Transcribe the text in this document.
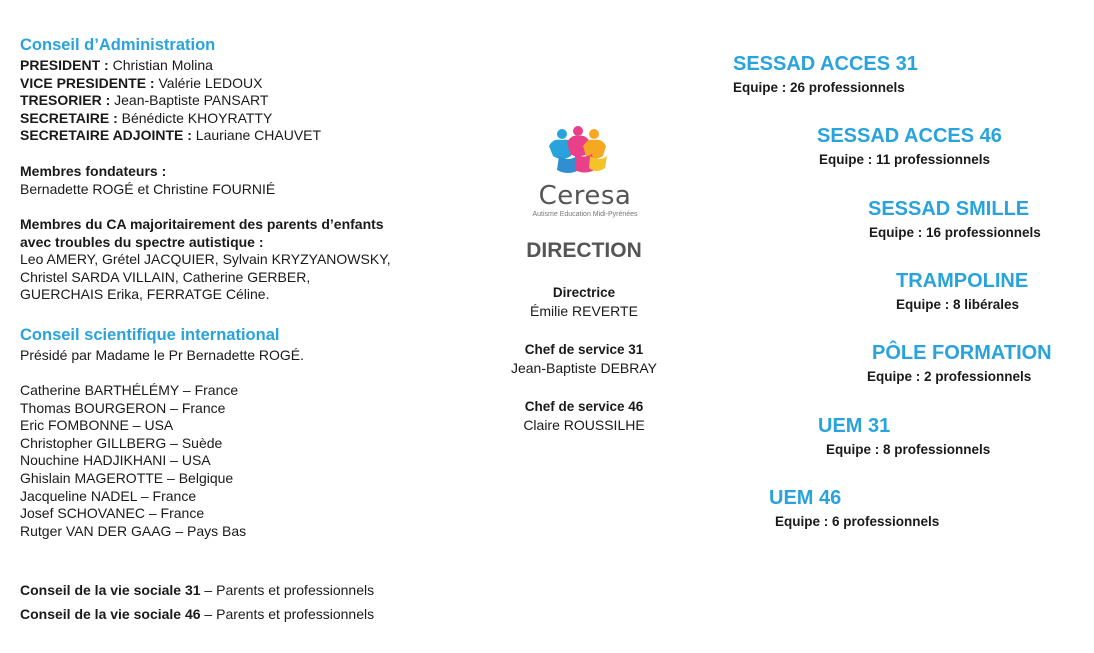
Conseil d’Administration
PRESIDENT : Christian Molina
VICE PRESIDENTE : Valérie LEDOUX
TRESORIER : Jean-Baptiste PANSART
SECRETAIRE : Bénédicte KHOYRATTY
SECRETAIRE ADJOINTE : Lauriane CHAUVET
Membres fondateurs :
Bernadette ROGÉ et Christine FOURNIÉ
Membres du CA majoritairement des parents d’enfants
avec troubles du spectre autistique :
Leo AMERY, Grétel JACQUIER, Sylvain KRYZYANOWSKY,
Christel SARDA VILLAIN, Catherine GERBER,
GUERCHAIS Erika, FERRATGE Céline.
Conseil scientifique international
Présidé par Madame le Pr Bernadette ROGÉ.
Catherine BARTHÉLÉMY – France
Thomas BOURGERON – France
Eric FOMBONNE – USA
Christopher GILLBERG – Suède
Nouchine HADJIKHANI – USA
Ghislain MAGEROTTE – Belgique
Jacqueline NADEL – France
Josef SCHOVANEC – France
Rutger VAN DER GAAG – Pays Bas
Conseil de la vie sociale 31 – Parents et professionnels
Conseil de la vie sociale 46 – Parents et professionnels
Ceresa
Autisme Education Midi-Pyrénées
DIRECTION
Directrice
Émilie REVERTE
Chef de service 31
Jean-Baptiste DEBRAY
Chef de service 46
Claire ROUSSILHE
SESSAD ACCES 31
Equipe : 26 professionnels
SESSAD ACCES 46
Equipe : 11 professionnels
SESSAD SMILLE
Equipe : 16 professionnels
TRAMPOLINE
Equipe : 8 libérales
PÔLE FORMATION
Equipe : 2 professionnels
UEM 31
Equipe : 8 professionnels
UEM 46
Equipe : 6 professionnels
